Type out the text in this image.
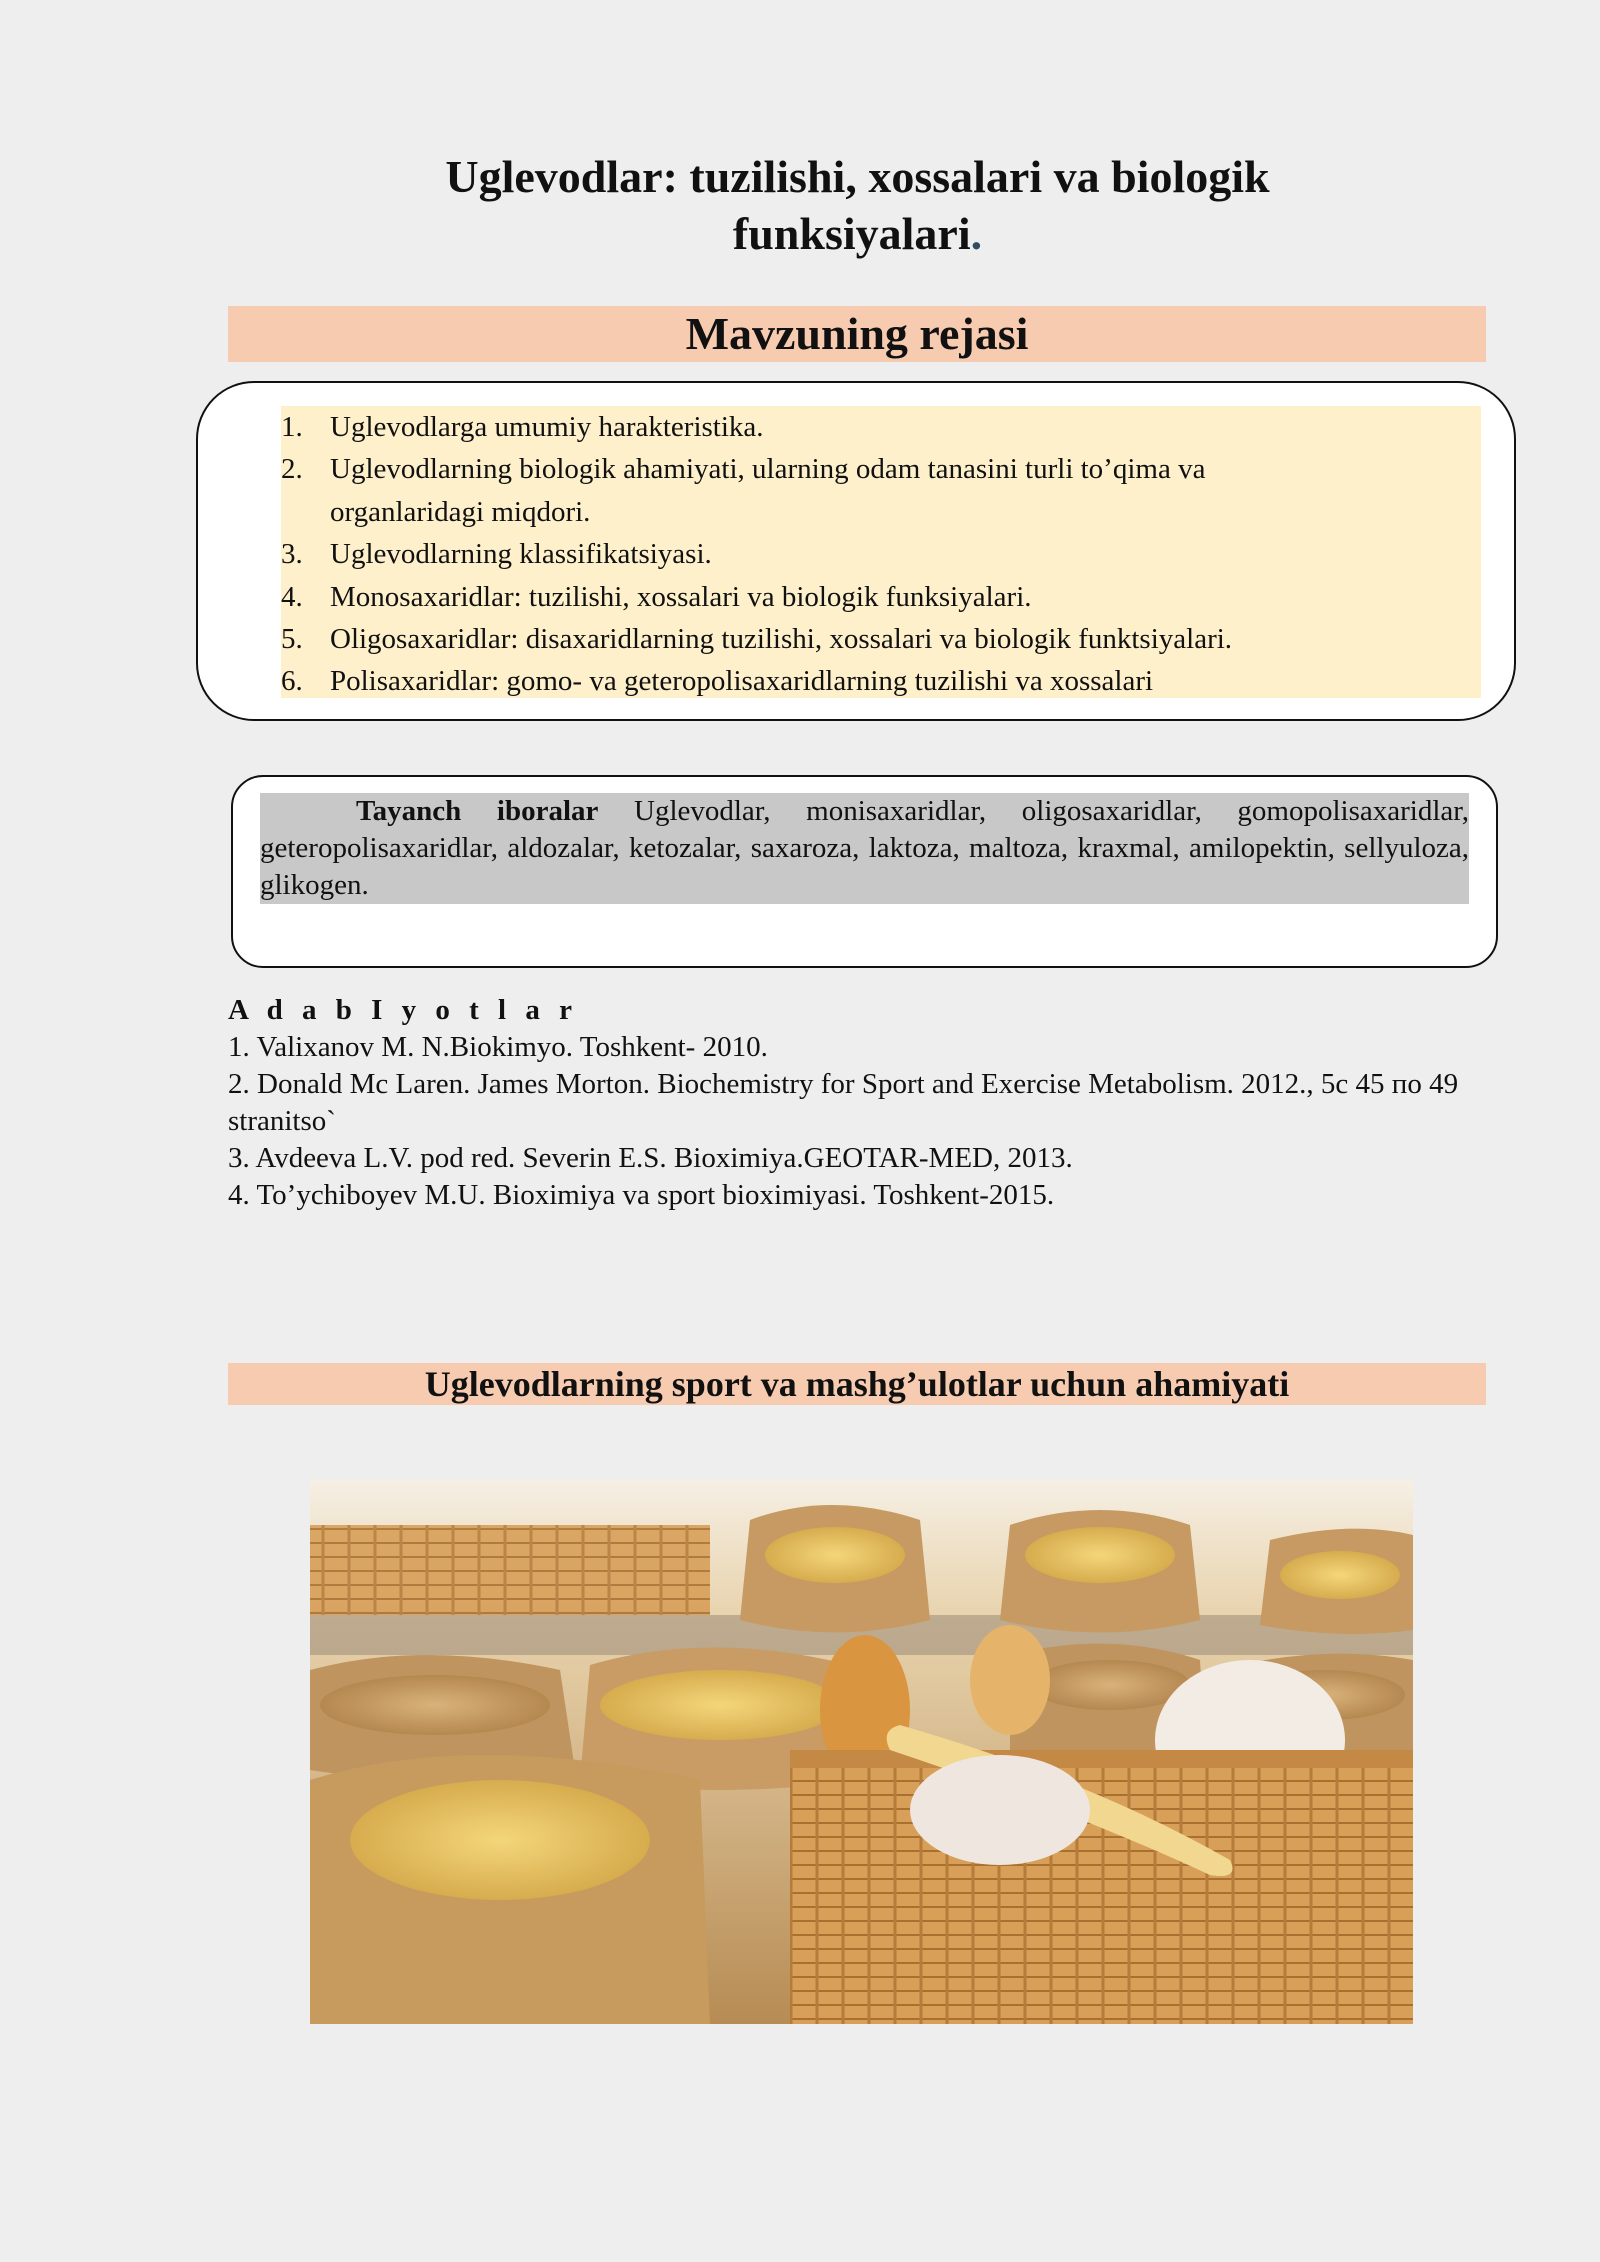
Uglevodlar: tuzilishi, xossalari va biologik
funksiyalari.
Mavzuning rejasi
1. Uglevodlarga umumiy harakteristika.
2. Uglevodlarning biologik ahamiyati, ularning odam tanasini turli to’qima va organlaridagi miqdori.
3. Uglevodlarning klassifikatsiyasi.
4. Monosaxaridlar: tuzilishi, xossalari va biologik funksiyalari.
5. Oligosaxaridlar: disaxaridlarning tuzilishi, xossalari va biologik funktsiyalari.
6. Polisaxaridlar: gomo- va geteropolisaxaridlarning tuzilishi va xossalari
Tayanch iboralar Uglevodlar, monisaxaridlar, oligosaxaridlar, gomopolisaxaridlar, geteropolisaxaridlar, aldozalar, ketozalar, saxaroza, laktoza, maltoza, kraxmal, amilopektin, sellyuloza, glikogen.
A d a b I y o t l a r

1. Valixanov M. N.Biokimyo. Toshkent- 2010.

2. Donald Mc Laren. James Morton. Biochemistry for Sport and Exercise Metabolism. 2012., 5c 45 по 49 stranitso`

3. Avdeeva L.V. pod red. Severin E.S. Bioximiya.GEOTAR-MED, 2013.

4. To’ychiboyev M.U. Bioximiya va sport bioximiyasi. Toshkent-2015.

Uglevodlarning sport va mashg’ulotlar uchun ahamiyati
